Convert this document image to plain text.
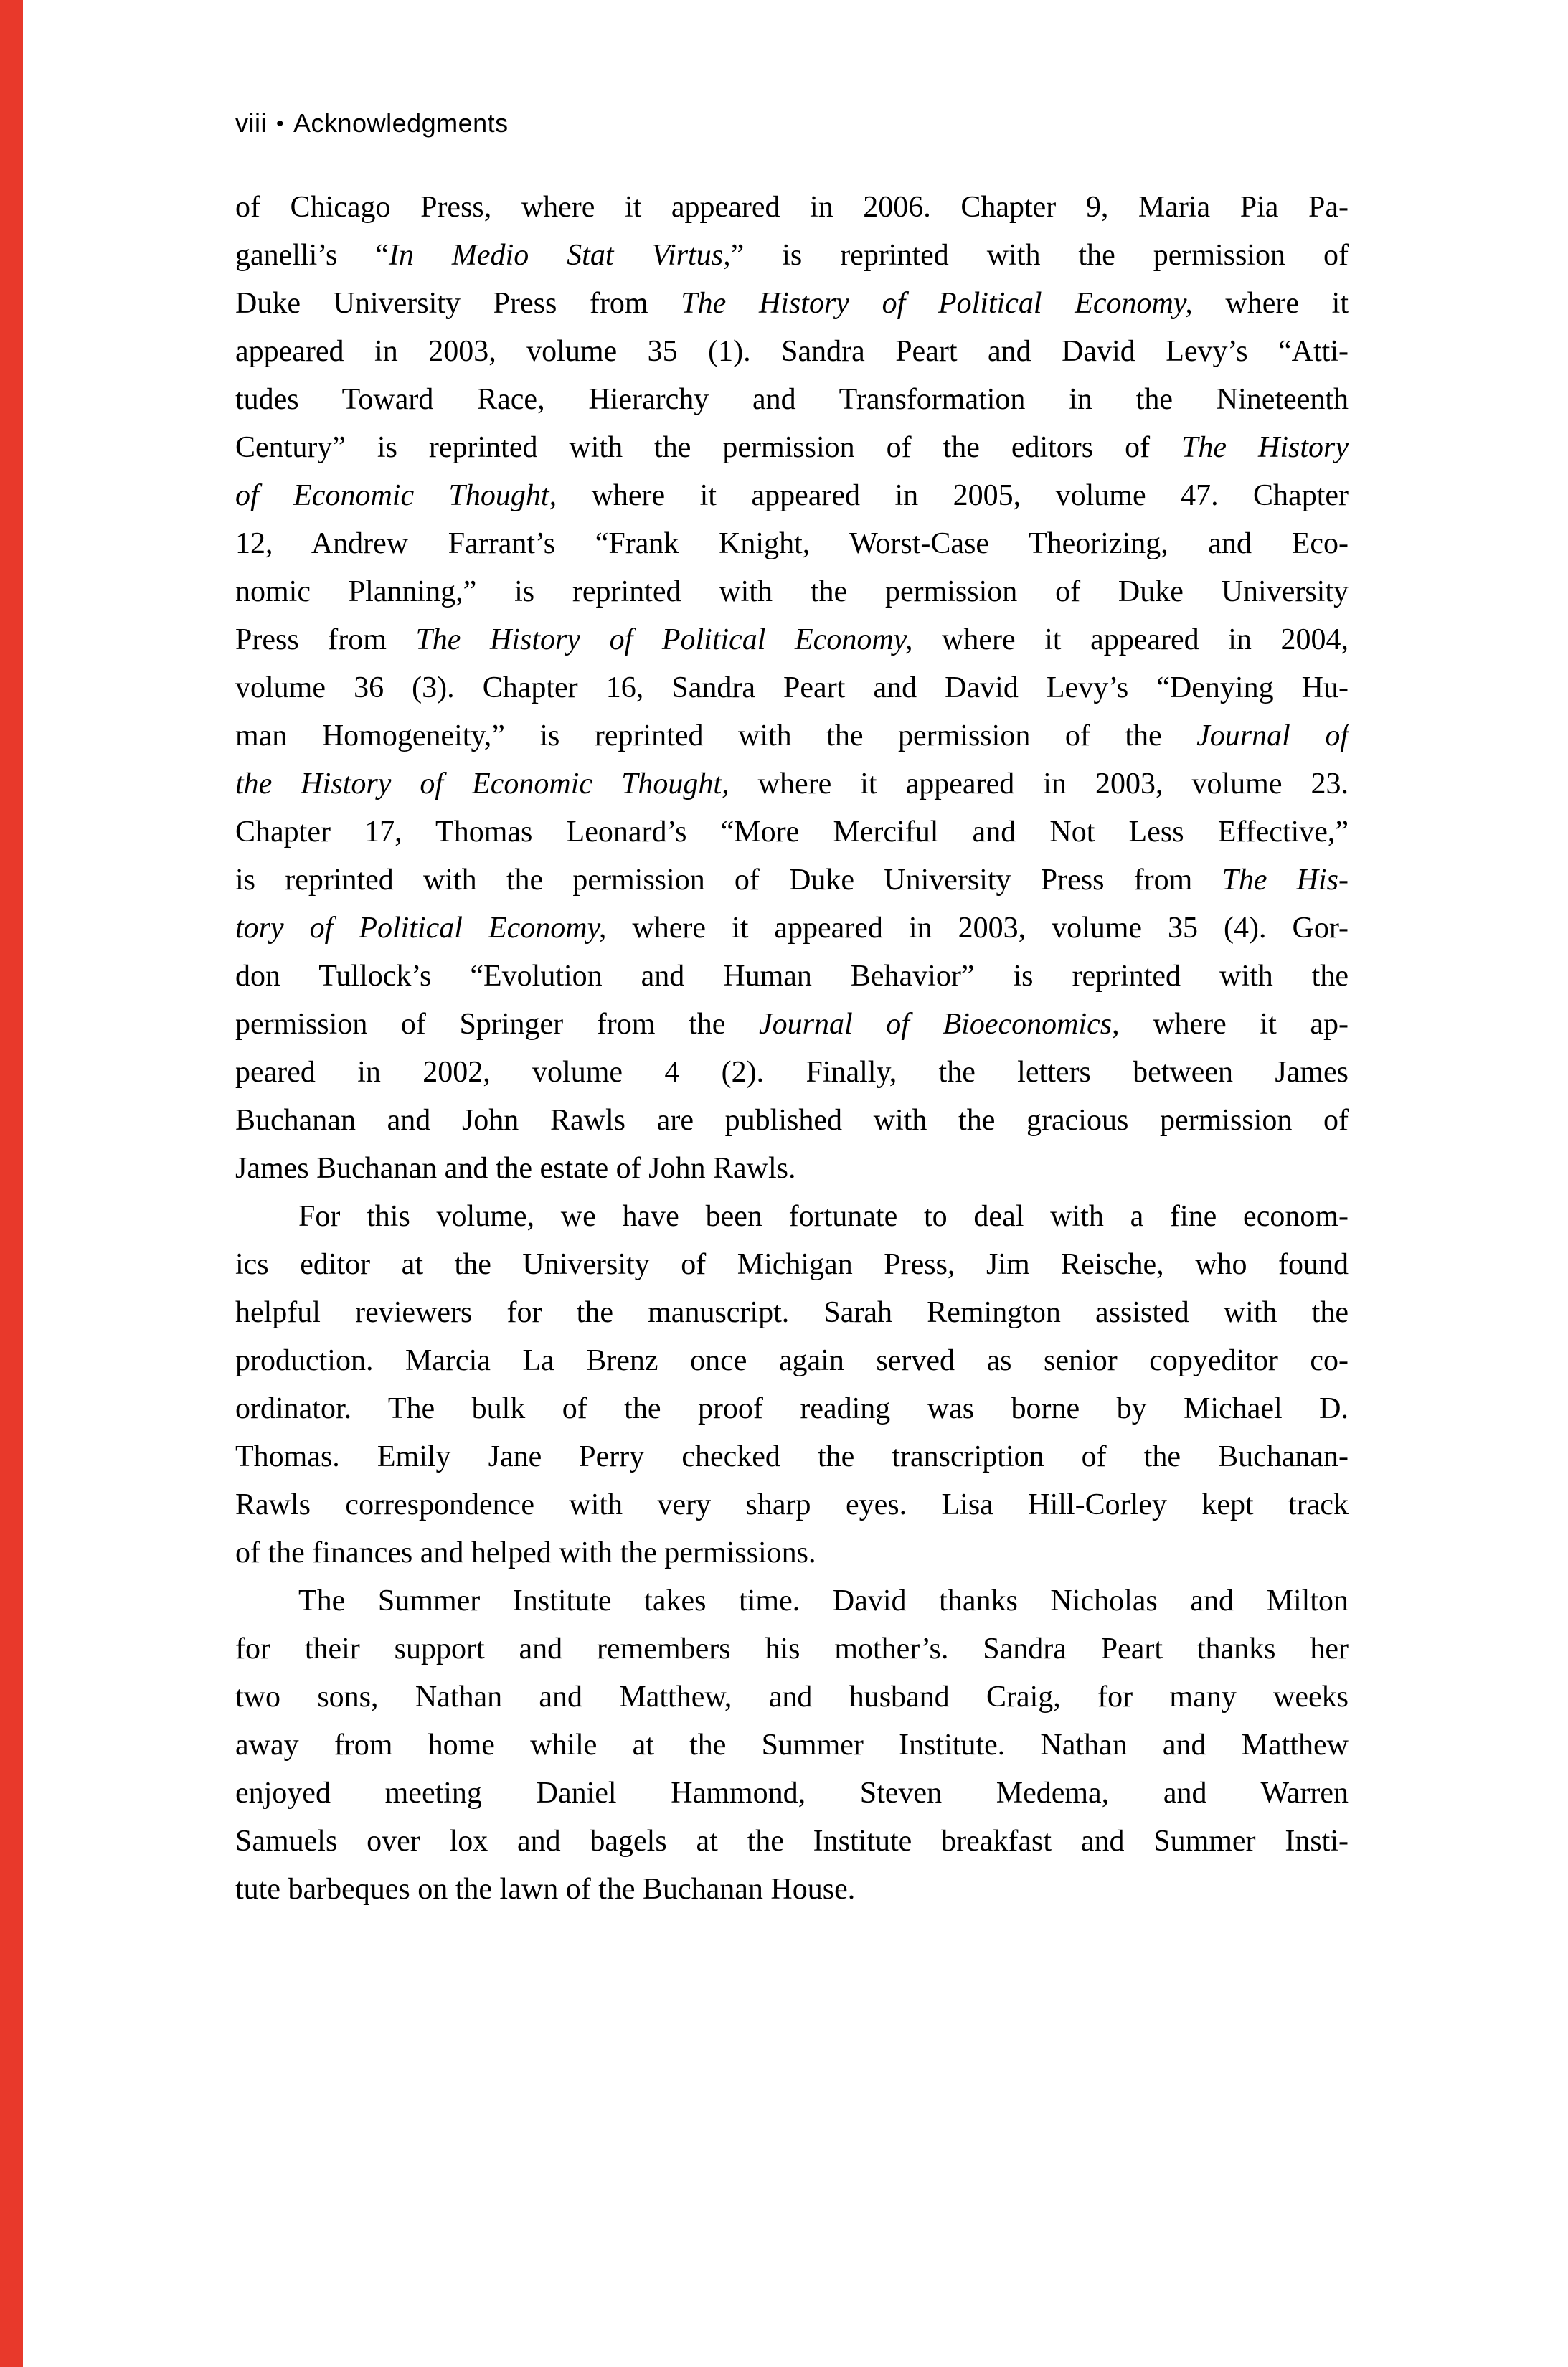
viii • Acknowledgments
of Chicago Press, where it appeared in 2006. Chapter 9, Maria Pia Pa-
ganelli’s “In Medio Stat Virtus,” is reprinted with the permission of
Duke University Press from The History of Political Economy, where it
appeared in 2003, volume 35 (1). Sandra Peart and David Levy’s “Atti-
tudes Toward Race, Hierarchy and Transformation in the Nineteenth
Century” is reprinted with the permission of the editors of The History
of Economic Thought, where it appeared in 2005, volume 47. Chapter
12, Andrew Farrant’s “Frank Knight, Worst-Case Theorizing, and Eco-
nomic Planning,” is reprinted with the permission of Duke University
Press from The History of Political Economy, where it appeared in 2004,
volume 36 (3). Chapter 16, Sandra Peart and David Levy’s “Denying Hu-
man Homogeneity,” is reprinted with the permission of the Journal of
the History of Economic Thought, where it appeared in 2003, volume 23.
Chapter 17, Thomas Leonard’s “More Merciful and Not Less Effective,”
is reprinted with the permission of Duke University Press from The His-
tory of Political Economy, where it appeared in 2003, volume 35 (4). Gor-
don Tullock’s “Evolution and Human Behavior” is reprinted with the
permission of Springer from the Journal of Bioeconomics, where it ap-
peared in 2002, volume 4 (2). Finally, the letters between James
Buchanan and John Rawls are published with the gracious permission of
James Buchanan and the estate of John Rawls.
For this volume, we have been fortunate to deal with a fine econom-
ics editor at the University of Michigan Press, Jim Reische, who found
helpful reviewers for the manuscript. Sarah Remington assisted with the
production. Marcia La Brenz once again served as senior copyeditor co-
ordinator. The bulk of the proof reading was borne by Michael D.
Thomas. Emily Jane Perry checked the transcription of the Buchanan-
Rawls correspondence with very sharp eyes. Lisa Hill-Corley kept track
of the finances and helped with the permissions.
The Summer Institute takes time. David thanks Nicholas and Milton
for their support and remembers his mother’s. Sandra Peart thanks her
two sons, Nathan and Matthew, and husband Craig, for many weeks
away from home while at the Summer Institute. Nathan and Matthew
enjoyed meeting Daniel Hammond, Steven Medema, and Warren
Samuels over lox and bagels at the Institute breakfast and Summer Insti-
tute barbeques on the lawn of the Buchanan House.
